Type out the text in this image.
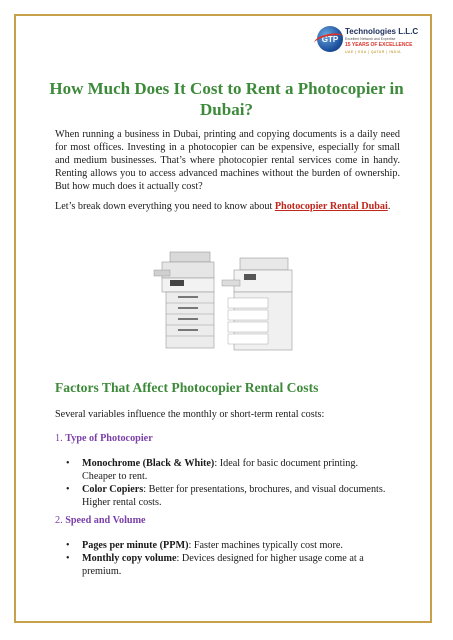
GTP
Technologies L.L.C
Excellent Network and Expertise
15 YEARS OF EXCELLENCE
UAE | KSA | QATAR | INDIA
How Much Does It Cost to Rent a Photocopier in Dubai?

When running a business in Dubai, printing and copying documents is a daily need for most offices. Investing in a photocopier can be expensive, especially for small and medium businesses. That’s where photocopier rental services come in handy. Renting allows you to access advanced machines without the burden of ownership. But how much does it actually cost?

Let’s break down everything you need to know about Photocopier Rental Dubai.

Factors That Affect Photocopier Rental Costs

Several variables influence the monthly or short-term rental costs:

1. Type of Photocopier
• Monochrome (Black & White): Ideal for basic document printing. Cheaper to rent.
• Color Copiers: Better for presentations, brochures, and visual documents. Higher rental costs.
2. Speed and Volume
• Pages per minute (PPM): Faster machines typically cost more.
• Monthly copy volume: Devices designed for higher usage come at a premium.
